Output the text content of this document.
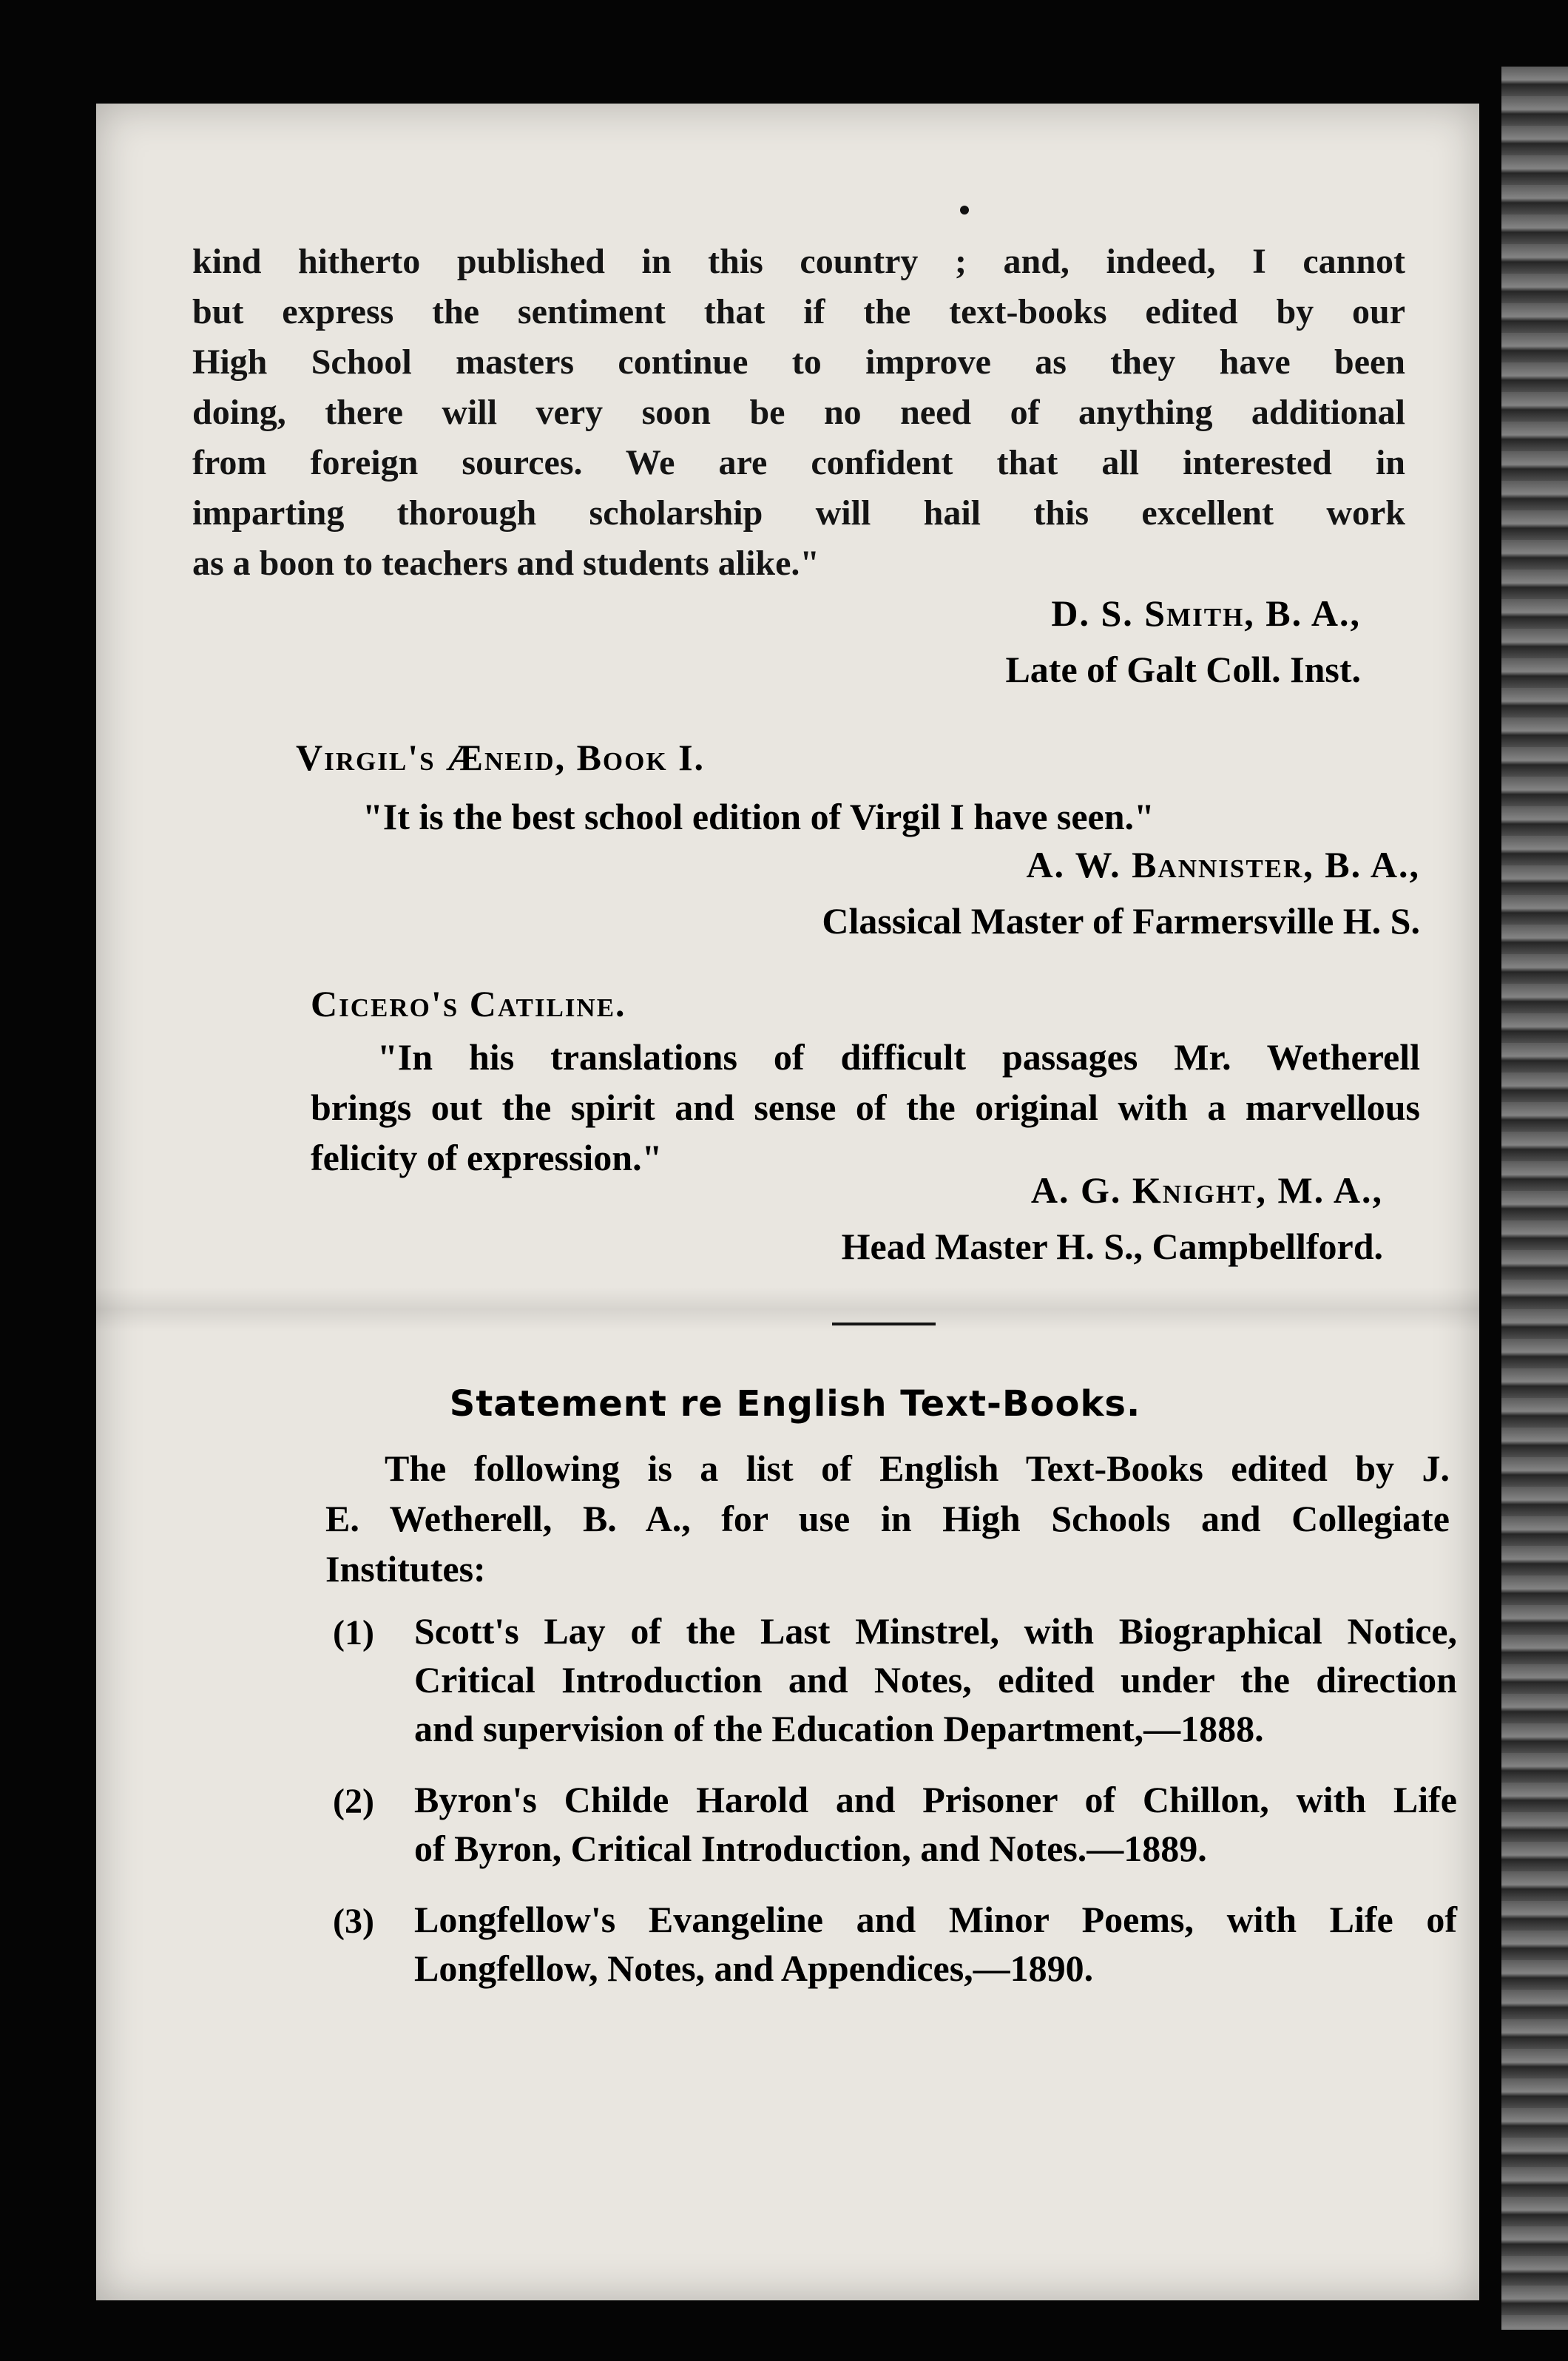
kind hitherto published in this country ; and, indeed, I cannot

but express the sentiment that if the text-books edited by our

High School masters continue to improve as they have been

doing, there will very soon be no need of anything additional

from foreign sources. We are confident that all interested in

imparting thorough scholarship will hail this excellent work

as a boon to teachers and students alike."

D. S. Smith, B. A.,

Late of Galt Coll. Inst.

Virgil's Æneid, Book I.

"It is the best school edition of Virgil I have seen."

A. W. Bannister, B. A.,

Classical Master of Farmersville H. S.

Cicero's Catiline.

"In his translations of difficult passages Mr. Wetherell

brings out the spirit and sense of the original with a marvellous

felicity of expression."

A. G. Knight, M. A.,

Head Master H. S., Campbellford.

Statement re English Text-Books.

The following is a list of English Text-Books edited by J.

E. Wetherell, B. A., for use in High Schools and Collegiate

Institutes:

(1)	Scott's Lay of the Last Minstrel, with Biographical Notice,

Critical Introduction and Notes, edited under the direction

and supervision of the Education Department,—1888.

(2)	Byron's Childe Harold and Prisoner of Chillon, with Life

of Byron, Critical Introduction, and Notes.—1889.

(3)	Longfellow's Evangeline and Minor Poems, with Life of

Longfellow, Notes, and Appendices,—1890.
